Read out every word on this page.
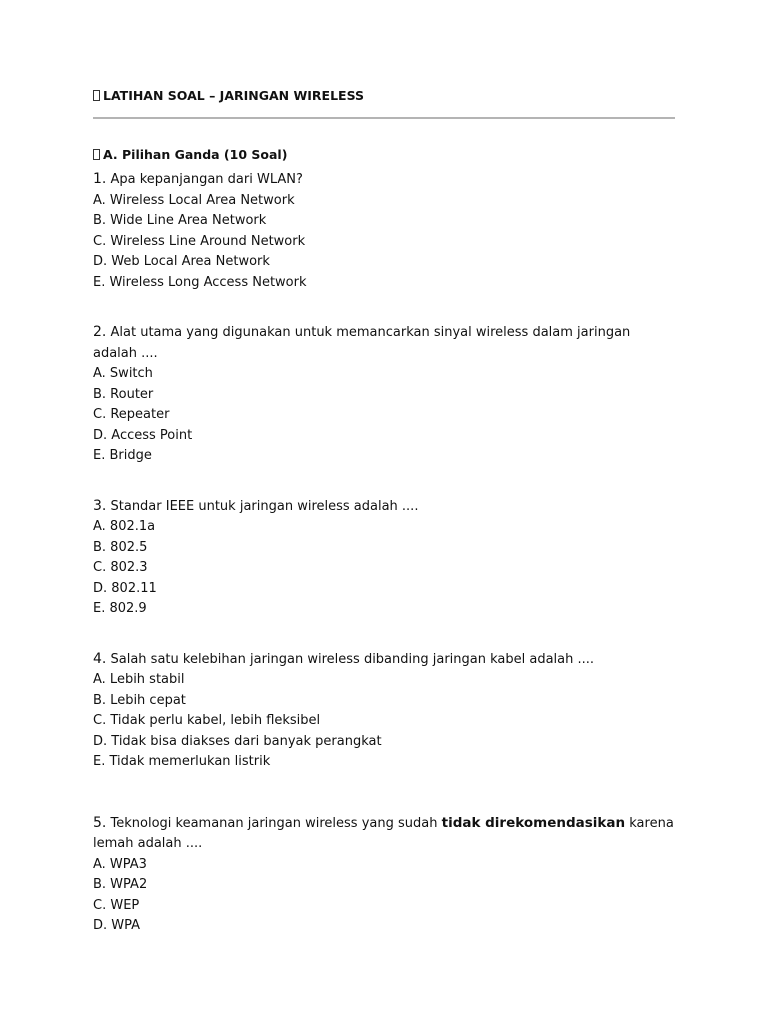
LATIHAN SOAL – JARINGAN WIRELESS
A. Pilihan Ganda (10 Soal)

1. Apa kepanjangan dari WLAN?

A. Wireless Local Area Network

B. Wide Line Area Network

C. Wireless Line Around Network

D. Web Local Area Network

E. Wireless Long Access Network

2. Alat utama yang digunakan untuk memancarkan sinyal wireless dalam jaringan adalah ....

A. Switch

B. Router

C. Repeater

D. Access Point

E. Bridge

3. Standar IEEE untuk jaringan wireless adalah ....

A. 802.1a

B. 802.5

C. 802.3

D. 802.11

E. 802.9

4. Salah satu kelebihan jaringan wireless dibanding jaringan kabel adalah ....

A. Lebih stabil

B. Lebih cepat

C. Tidak perlu kabel, lebih fleksibel

D. Tidak bisa diakses dari banyak perangkat

E. Tidak memerlukan listrik

5. Teknologi keamanan jaringan wireless yang sudah tidak direkomendasikan karena lemah adalah ....

A. WPA3

B. WPA2

C. WEP

D. WPA
